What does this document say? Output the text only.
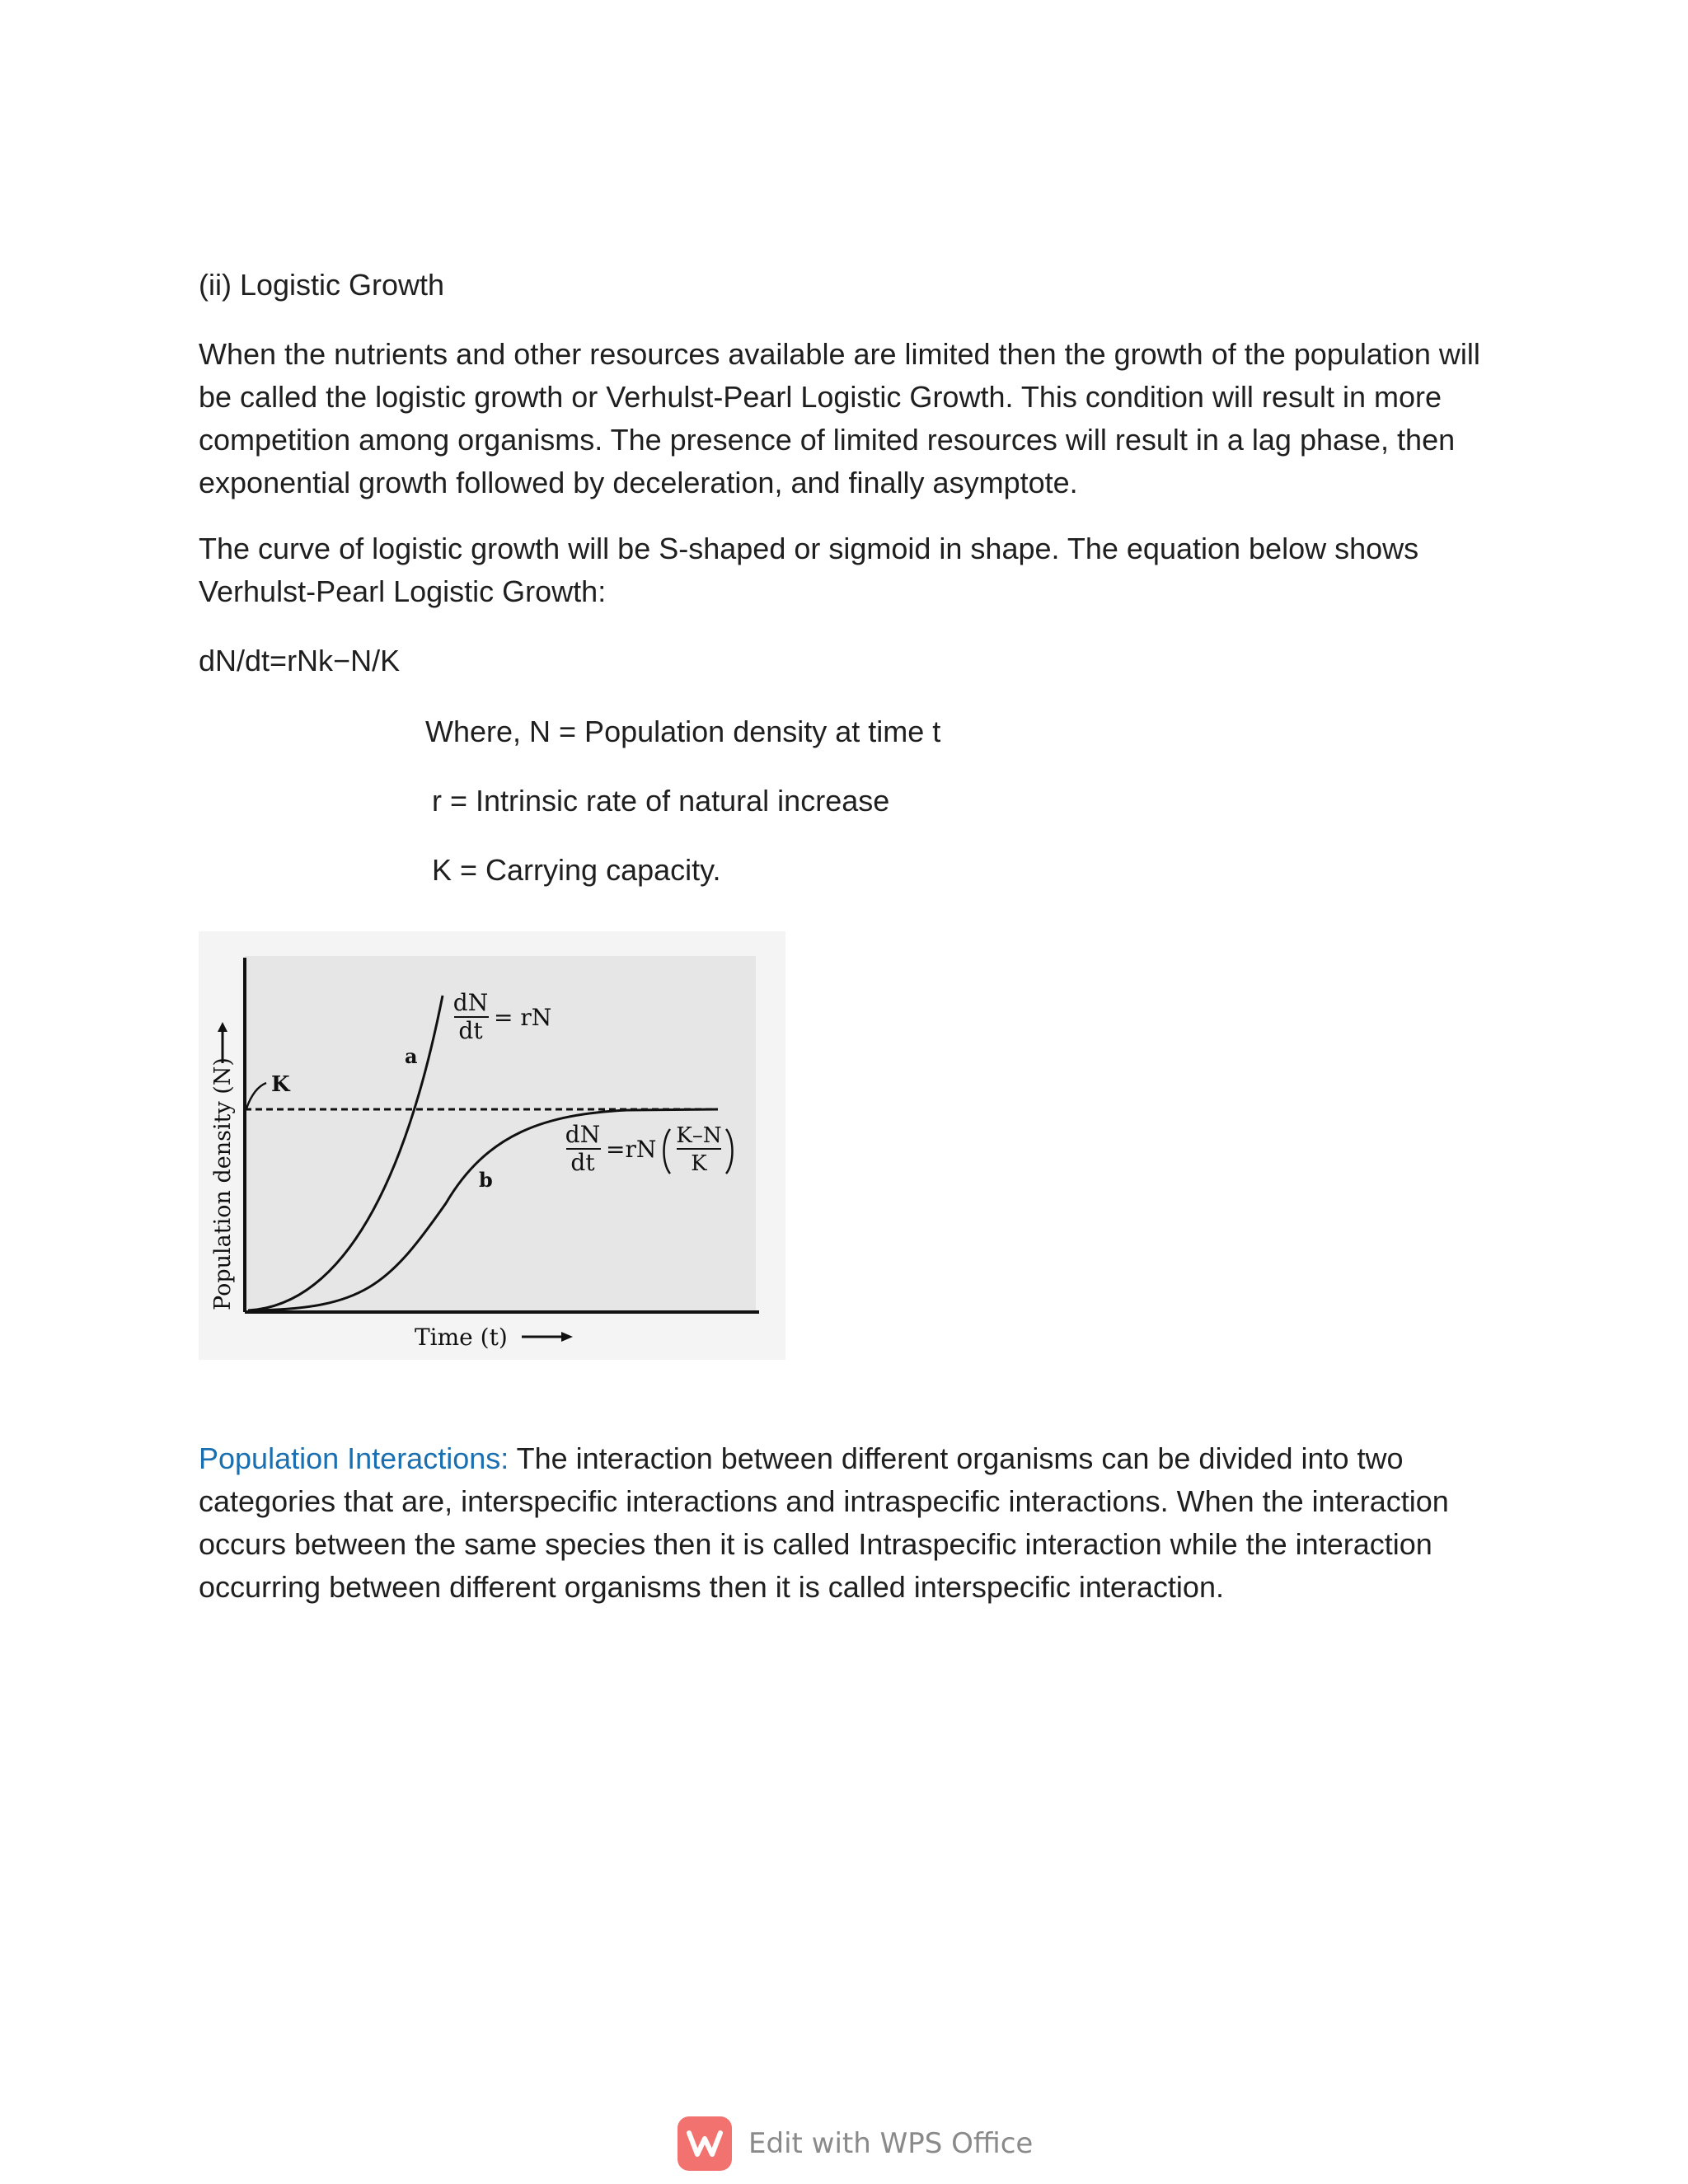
(ii) Logistic Growth

When the nutrients and other resources available are limited then the growth of the population will be called the logistic growth or Verhulst-Pearl Logistic Growth. This condition will result in more competition among organisms. The presence of limited resources will result in a lag phase, then exponential growth followed by deceleration, and finally asymptote.

The curve of logistic growth will be S-shaped or sigmoid in shape. The equation below shows Verhulst-Pearl Logistic Growth:

dN/dt=rNk−N/K

Where, N = Population density at time t

r = Intrinsic rate of natural increase

K = Carrying capacity.

K
a
b
dN
dt = rN
dN
dt =rN K–N
K
Population density (N)
Time (t)

Population Interactions: The interaction between different organisms can be divided into two categories that are, interspecific interactions and intraspecific interactions. When the interaction occurs between the same species then it is called Intraspecific interaction while the interaction occurring between different organisms then it is called interspecific interaction.

Edit with WPS Office
